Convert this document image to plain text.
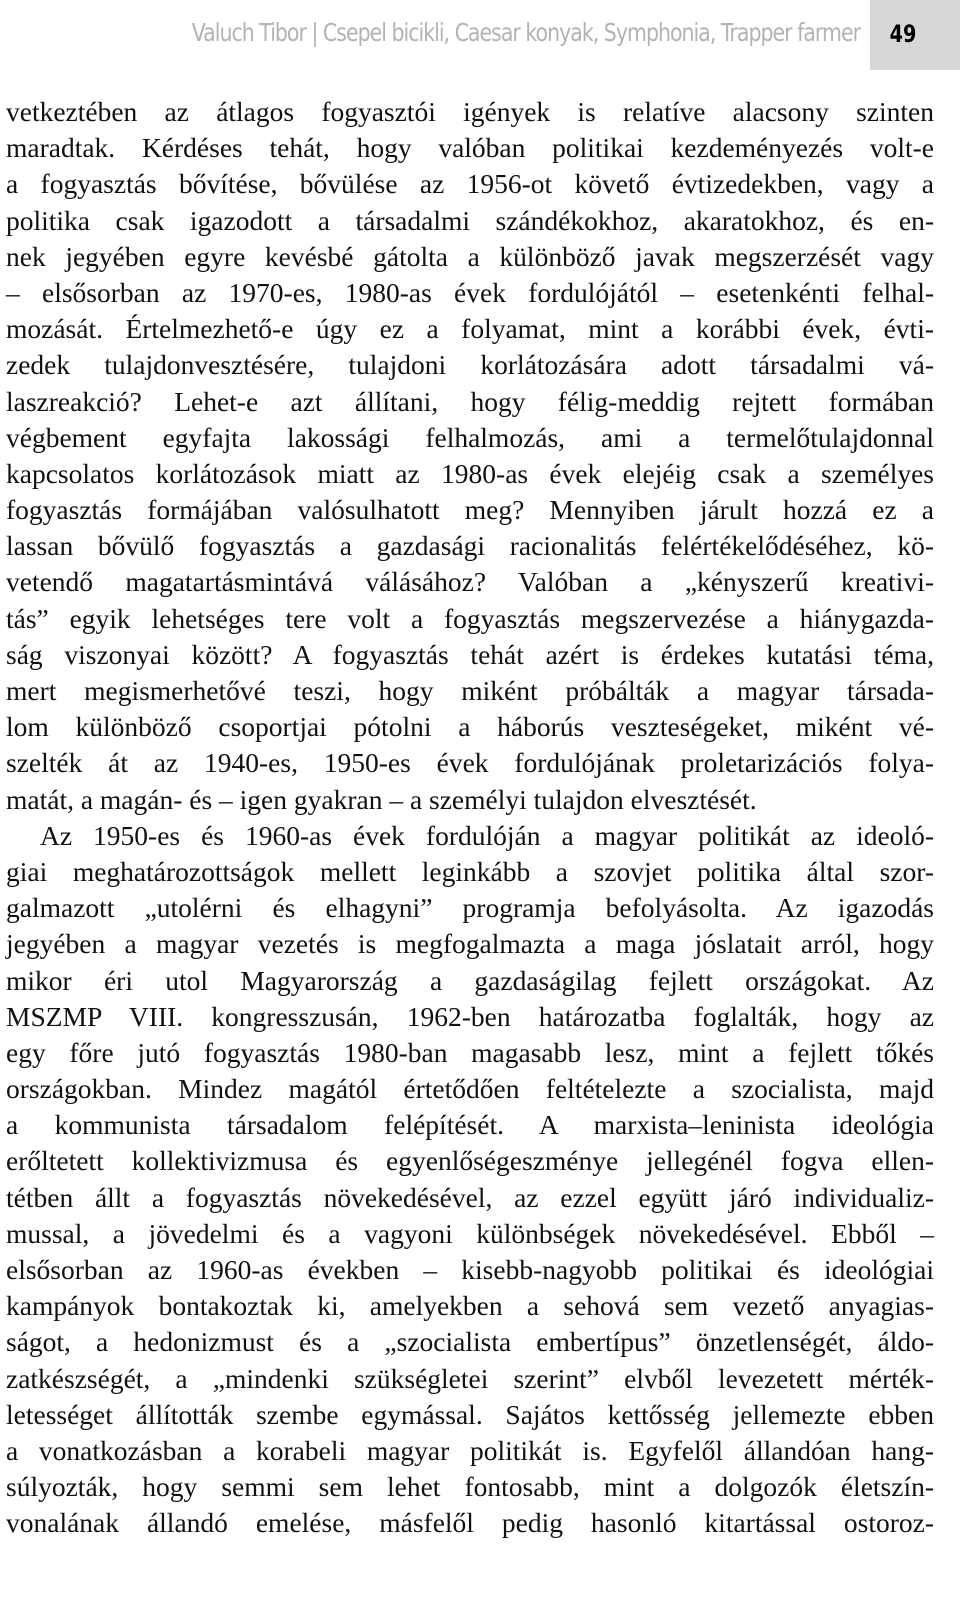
Valuch Tibor | Csepel bicikli, Caesar konyak, Symphonia, Trapper farmer	49
vetkeztében az átlagos fogyasztói igények is relatíve alacsony szinten
maradtak. Kérdéses tehát, hogy valóban politikai kezdeményezés volt-e
a fogyasztás bővítése, bővülése az 1956-ot követő évtizedekben, vagy a
politika csak igazodott a társadalmi szándékokhoz, akaratokhoz, és en-
nek jegyében egyre kevésbé gátolta a különböző javak megszerzését vagy
– elsősorban az 1970-es, 1980-as évek fordulójától – esetenkénti felhal-
mozását. Értelmezhető-e úgy ez a folyamat, mint a korábbi évek, évti-
zedek tulajdonvesztésére, tulajdoni korlátozására adott társadalmi vá-
laszreakció? Lehet-e azt állítani, hogy félig-meddig rejtett formában
végbement egyfajta lakossági felhalmozás, ami a termelőtulajdonnal
kapcsolatos korlátozások miatt az 1980-as évek elejéig csak a személyes
fogyasztás formájában valósulhatott meg? Mennyiben járult hozzá ez a
lassan bővülő fogyasztás a gazdasági racionalitás felértékelődéséhez, kö-
vetendő magatartásmintává válásához? Valóban a „kényszerű kreativi-
tás” egyik lehetséges tere volt a fogyasztás megszervezése a hiánygazda-
ság viszonyai között? A fogyasztás tehát azért is érdekes kutatási téma,
mert megismerhetővé teszi, hogy miként próbálták a magyar társada-
lom különböző csoportjai pótolni a háborús veszteségeket, miként vé-
szelték át az 1940-es, 1950-es évek fordulójának proletarizációs folya-
matát, a magán- és – igen gyakran – a személyi tulajdon elvesztését.
Az 1950-es és 1960-as évek fordulóján a magyar politikát az ideoló-
giai meghatározottságok mellett leginkább a szovjet politika által szor-
galmazott „utolérni és elhagyni” programja befolyásolta. Az igazodás
jegyében a magyar vezetés is megfogalmazta a maga jóslatait arról, hogy
mikor éri utol Magyarország a gazdaságilag fejlett országokat. Az
MSZMP VIII. kongresszusán, 1962-ben határozatba foglalták, hogy az
egy főre jutó fogyasztás 1980-ban magasabb lesz, mint a fejlett tőkés
országokban. Mindez magától értetődően feltételezte a szocialista, majd
a kommunista társadalom felépítését. A marxista–leninista ideológia
erőltetett kollektivizmusa és egyenlőségeszménye jellegénél fogva ellen-
tétben állt a fogyasztás növekedésével, az ezzel együtt járó individualiz-
mussal, a jövedelmi és a vagyoni különbségek növekedésével. Ebből –
elsősorban az 1960-as években – kisebb-nagyobb politikai és ideológiai
kampányok bontakoztak ki, amelyekben a sehová sem vezető anyagias-
ságot, a hedonizmust és a „szocialista embertípus” önzetlenségét, áldo-
zatkészségét, a „mindenki szükségletei szerint” elvből levezetett mérték-
letességet állították szembe egymással. Sajátos kettősség jellemezte ebben
a vonatkozásban a korabeli magyar politikát is. Egyfelől állandóan hang-
súlyozták, hogy semmi sem lehet fontosabb, mint a dolgozók életszín-
vonalának állandó emelése, másfelől pedig hasonló kitartással ostoroz-
